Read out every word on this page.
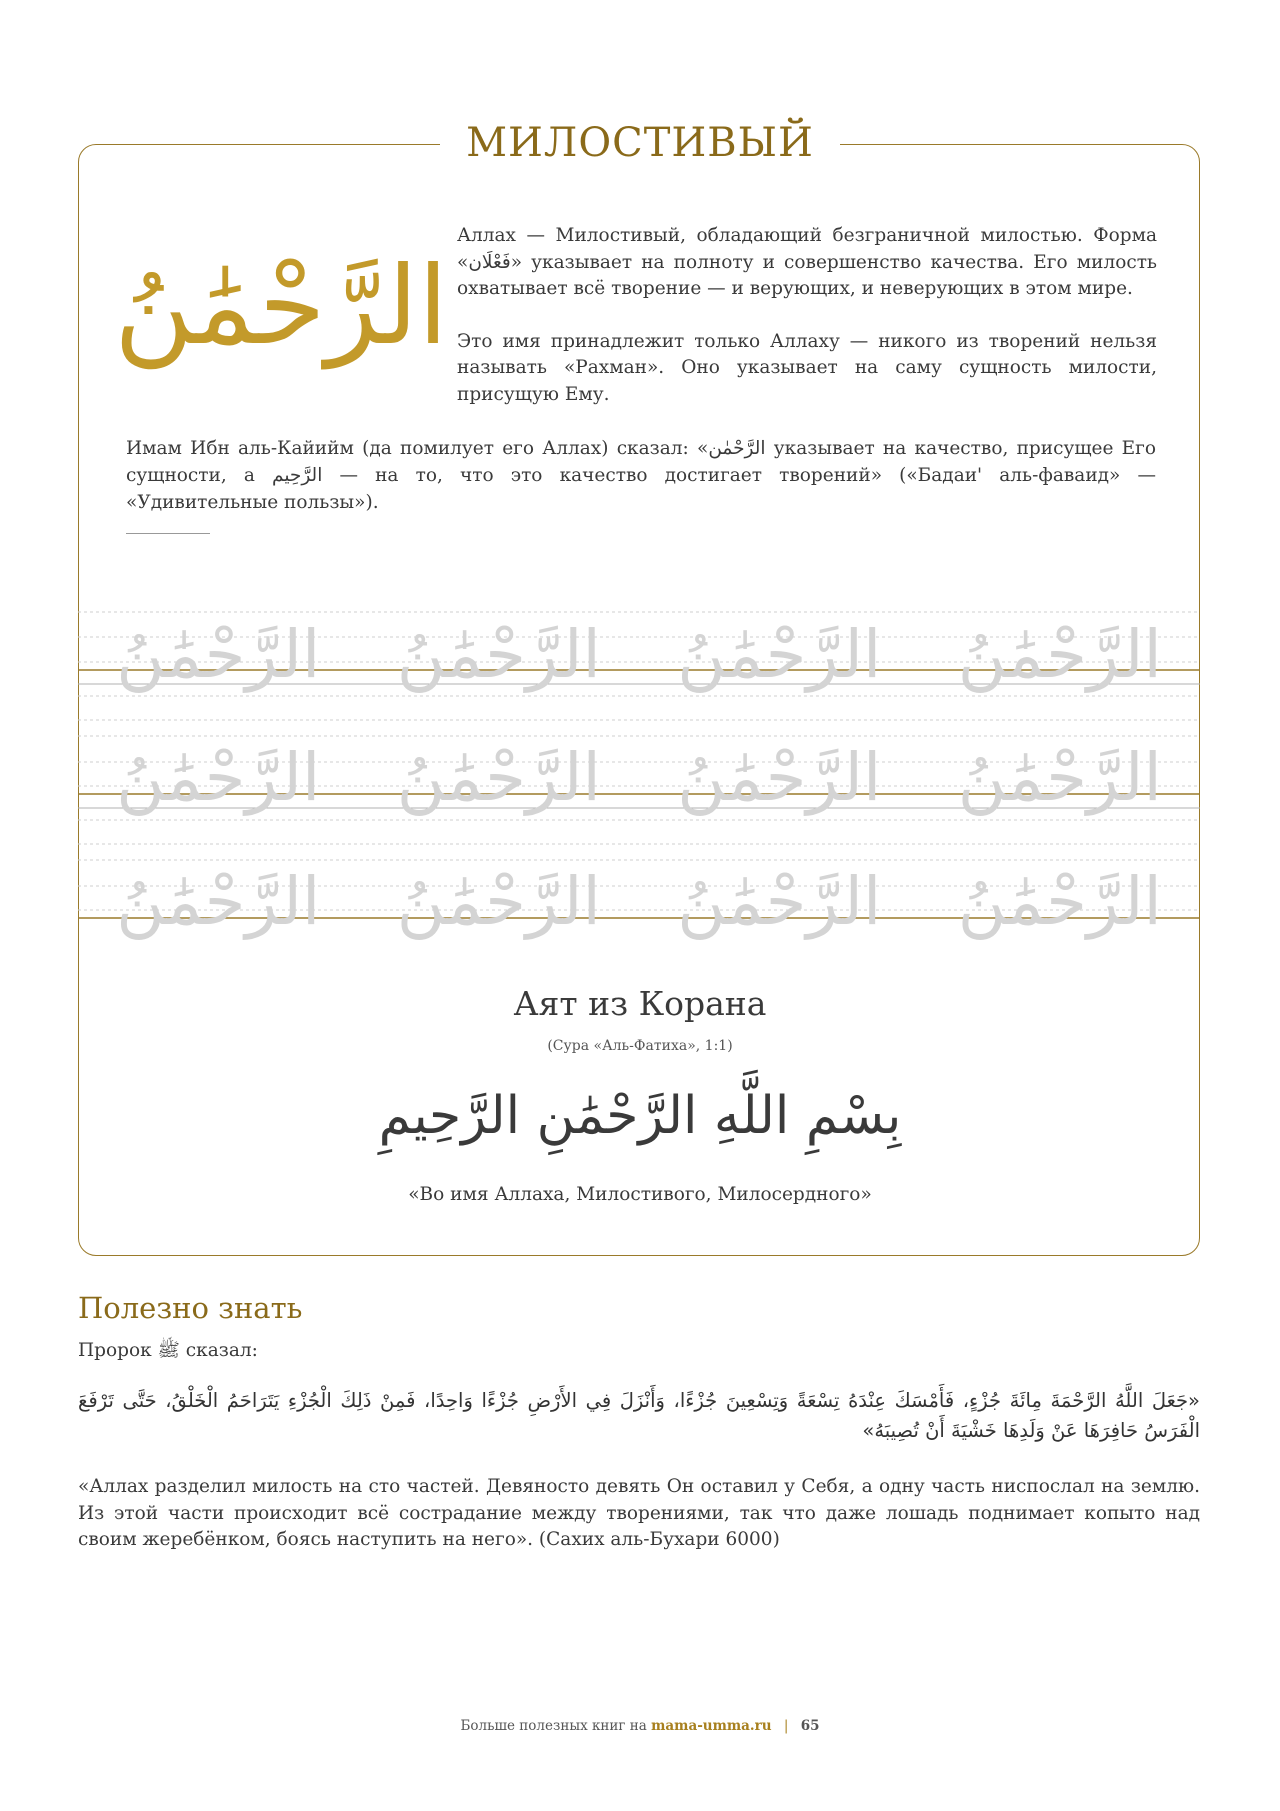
МИЛОСТИВЫЙ
الرَّحْمَٰنُ

Аллах — Милостивый, обладающий безграничной милостью. Форма «فَعْلَان» указывает на полноту и совершенство качества. Его милость охватывает всё творение — и верующих, и неверующих в этом мире.

Это имя принадлежит только Аллаху — никого из творений нельзя называть «Рахман». Оно указывает на саму сущность милости, присущую Ему.

Имам Ибн аль-Кайийм (да помилует его Аллах) сказал: «الرَّحْمٰن указывает на качество, присущее Его сущности, а الرَّحِيم — на то, что это качество достигает творений» («Бадаи' аль-фаваид» — «Удивительные пользы»).
الرَّحْمَٰنُ
الرَّحْمَٰنُ
الرَّحْمَٰنُ
الرَّحْمَٰنُ
الرَّحْمَٰنُ
الرَّحْمَٰنُ
الرَّحْمَٰنُ
الرَّحْمَٰنُ
الرَّحْمَٰنُ
الرَّحْمَٰنُ
الرَّحْمَٰنُ
الرَّحْمَٰنُ
Аят из Корана
(Сура «Аль-Фатиха», 1:1)
بِسْمِ اللَّهِ الرَّحْمَٰنِ الرَّحِيمِ
«Во имя Аллаха, Милостивого, Милосердного»
Полезно знать
Пророк ﷺ сказал:
«جَعَلَ اللَّهُ الرَّحْمَةَ مِائَةَ جُزْءٍ، فَأَمْسَكَ عِنْدَهُ تِسْعَةً وَتِسْعِينَ جُزْءًا، وَأَنْزَلَ فِي الأَرْضِ جُزْءًا وَاحِدًا، فَمِنْ ذَلِكَ الْجُزْءِ يَتَرَاحَمُ الْخَلْقُ، حَتَّى تَرْفَعَ الْفَرَسُ حَافِرَهَا عَنْ وَلَدِهَا خَشْيَةَ أَنْ تُصِيبَهُ»
«Аллах разделил милость на сто частей. Девяносто девять Он оставил у Себя, а одну часть ниспослал на землю. Из этой части происходит всё сострадание между творениями, так что даже лошадь поднимает копыто над своим жеребёнком, боясь наступить на него». (Сахих аль-Бухари 6000)
Больше полезных книг на mama-umma.ru | 65
